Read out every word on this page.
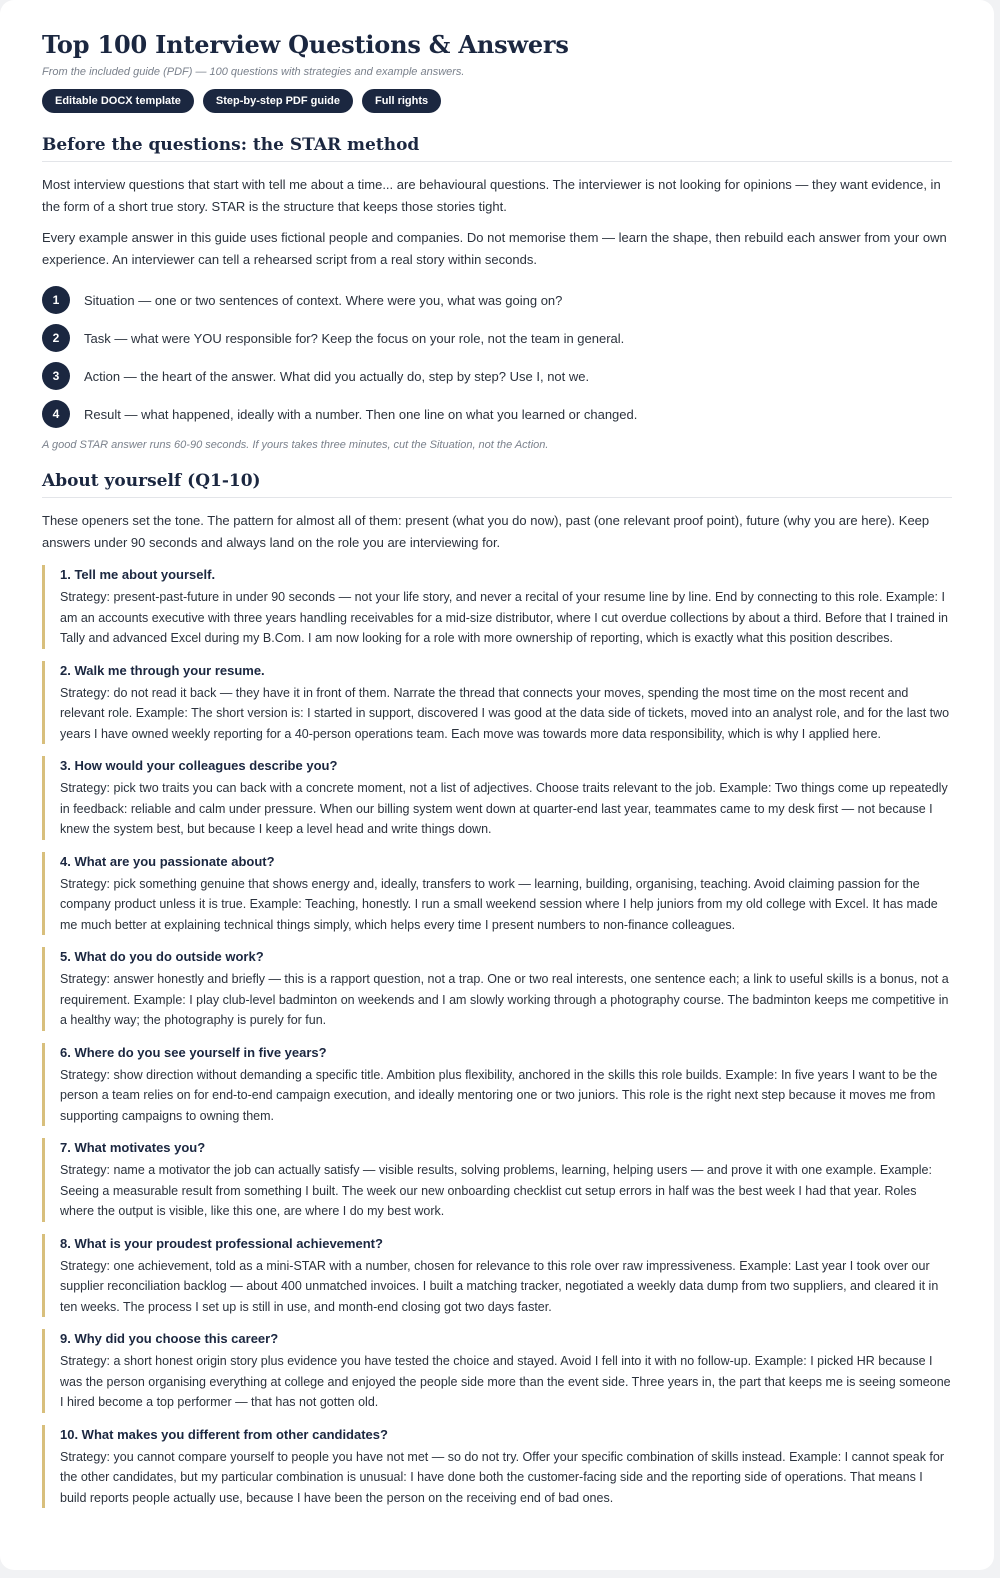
Top 100 Interview Questions & Answers
From the included guide (PDF) — 100 questions with strategies and example answers.
Editable DOCX template	Step-by-step PDF guide	Full rights
Before the questions: the STAR method

Most interview questions that start with tell me about a time... are behavioural questions. The interviewer is not looking for opinions — they want evidence, in the form of a short true story. STAR is the structure that keeps those stories tight.

Every example answer in this guide uses fictional people and companies. Do not memorise them — learn the shape, then rebuild each answer from your own experience. An interviewer can tell a rehearsed script from a real story within seconds.

1	Situation — one or two sentences of context. Where were you, what was going on?
2	Task — what were YOU responsible for? Keep the focus on your role, not the team in general.
3	Action — the heart of the answer. What did you actually do, step by step? Use I, not we.
4	Result — what happened, ideally with a number. Then one line on what you learned or changed.
A good STAR answer runs 60-90 seconds. If yours takes three minutes, cut the Situation, not the Action.
About yourself (Q1-10)

These openers set the tone. The pattern for almost all of them: present (what you do now), past (one relevant proof point), future (why you are here). Keep answers under 90 seconds and always land on the role you are interviewing for.

1. Tell me about yourself.
Strategy: present-past-future in under 90 seconds — not your life story, and never a recital of your resume line by line. End by connecting to this role. Example: I am an accounts executive with three years handling receivables for a mid-size distributor, where I cut overdue collections by about a third. Before that I trained in Tally and advanced Excel during my B.Com. I am now looking for a role with more ownership of reporting, which is exactly what this position describes.
2. Walk me through your resume.
Strategy: do not read it back — they have it in front of them. Narrate the thread that connects your moves, spending the most time on the most recent and relevant role. Example: The short version is: I started in support, discovered I was good at the data side of tickets, moved into an analyst role, and for the last two years I have owned weekly reporting for a 40-person operations team. Each move was towards more data responsibility, which is why I applied here.
3. How would your colleagues describe you?
Strategy: pick two traits you can back with a concrete moment, not a list of adjectives. Choose traits relevant to the job. Example: Two things come up repeatedly in feedback: reliable and calm under pressure. When our billing system went down at quarter-end last year, teammates came to my desk first — not because I knew the system best, but because I keep a level head and write things down.
4. What are you passionate about?
Strategy: pick something genuine that shows energy and, ideally, transfers to work — learning, building, organising, teaching. Avoid claiming passion for the company product unless it is true. Example: Teaching, honestly. I run a small weekend session where I help juniors from my old college with Excel. It has made me much better at explaining technical things simply, which helps every time I present numbers to non-finance colleagues.
5. What do you do outside work?
Strategy: answer honestly and briefly — this is a rapport question, not a trap. One or two real interests, one sentence each; a link to useful skills is a bonus, not a requirement. Example: I play club-level badminton on weekends and I am slowly working through a photography course. The badminton keeps me competitive in a healthy way; the photography is purely for fun.
6. Where do you see yourself in five years?
Strategy: show direction without demanding a specific title. Ambition plus flexibility, anchored in the skills this role builds. Example: In five years I want to be the person a team relies on for end-to-end campaign execution, and ideally mentoring one or two juniors. This role is the right next step because it moves me from supporting campaigns to owning them.
7. What motivates you?
Strategy: name a motivator the job can actually satisfy — visible results, solving problems, learning, helping users — and prove it with one example. Example: Seeing a measurable result from something I built. The week our new onboarding checklist cut setup errors in half was the best week I had that year. Roles where the output is visible, like this one, are where I do my best work.
8. What is your proudest professional achievement?
Strategy: one achievement, told as a mini-STAR with a number, chosen for relevance to this role over raw impressiveness. Example: Last year I took over our supplier reconciliation backlog — about 400 unmatched invoices. I built a matching tracker, negotiated a weekly data dump from two suppliers, and cleared it in ten weeks. The process I set up is still in use, and month-end closing got two days faster.
9. Why did you choose this career?
Strategy: a short honest origin story plus evidence you have tested the choice and stayed. Avoid I fell into it with no follow-up. Example: I picked HR because I was the person organising everything at college and enjoyed the people side more than the event side. Three years in, the part that keeps me is seeing someone I hired become a top performer — that has not gotten old.
10. What makes you different from other candidates?
Strategy: you cannot compare yourself to people you have not met — so do not try. Offer your specific combination of skills instead. Example: I cannot speak for the other candidates, but my particular combination is unusual: I have done both the customer-facing side and the reporting side of operations. That means I build reports people actually use, because I have been the person on the receiving end of bad ones.
